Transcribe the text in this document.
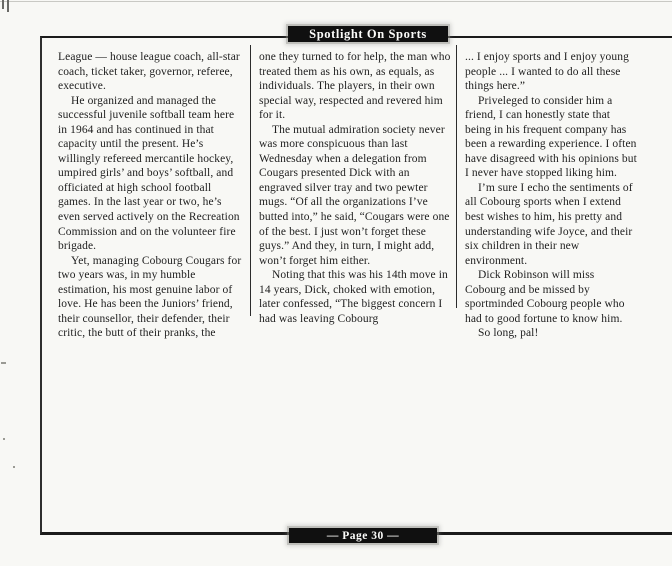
League — house league coach, all-star coach, ticket taker, governor, referee, executive.

He organized and managed the successful juvenile softball team here in 1964 and has continued in that capacity until the present. He’s willingly refereed mercantile hockey, umpired girls’ and boys’ softball, and officiated at high school football games. In the last year or two, he’s even served actively on the Recreation Commission and on the volunteer fire brigade.

Yet, managing Cobourg Cougars for two years was, in my humble estimation, his most genuine labor of love. He has been the Juniors’ friend, their counsellor, their defender, their critic, the butt of their pranks, the

one they turned to for help, the man who treated them as his own, as equals, as individuals. The players, in their own special way, respected and revered him for it.

The mutual admiration society never was more conspicuous than last Wednesday when a delegation from Cougars presented Dick with an engraved silver tray and two pewter mugs. “Of all the organizations I’ve butted into,” he said, “Cougars were one of the best. I just won’t forget these guys.” And they, in turn, I might add, won’t forget him either.

Noting that this was his 14th move in 14 years, Dick, choked with emotion, later confessed, “The biggest concern I had was leaving Cobourg

... I enjoy sports and I enjoy young people ... I wanted to do all these things here.”

Priveleged to consider him a friend, I can honestly state that being in his frequent company has been a rewarding experience. I often have disagreed with his opinions but I never have stopped liking him.

I’m sure I echo the sentiments of all Cobourg sports when I extend best wishes to him, his pretty and understanding wife Joyce, and their six children in their new environment.

Dick Robinson will miss Cobourg and be missed by sportminded Cobourg people who had to good fortune to know him.

So long, pal!

Spotlight On Sports
— Page 30 —
